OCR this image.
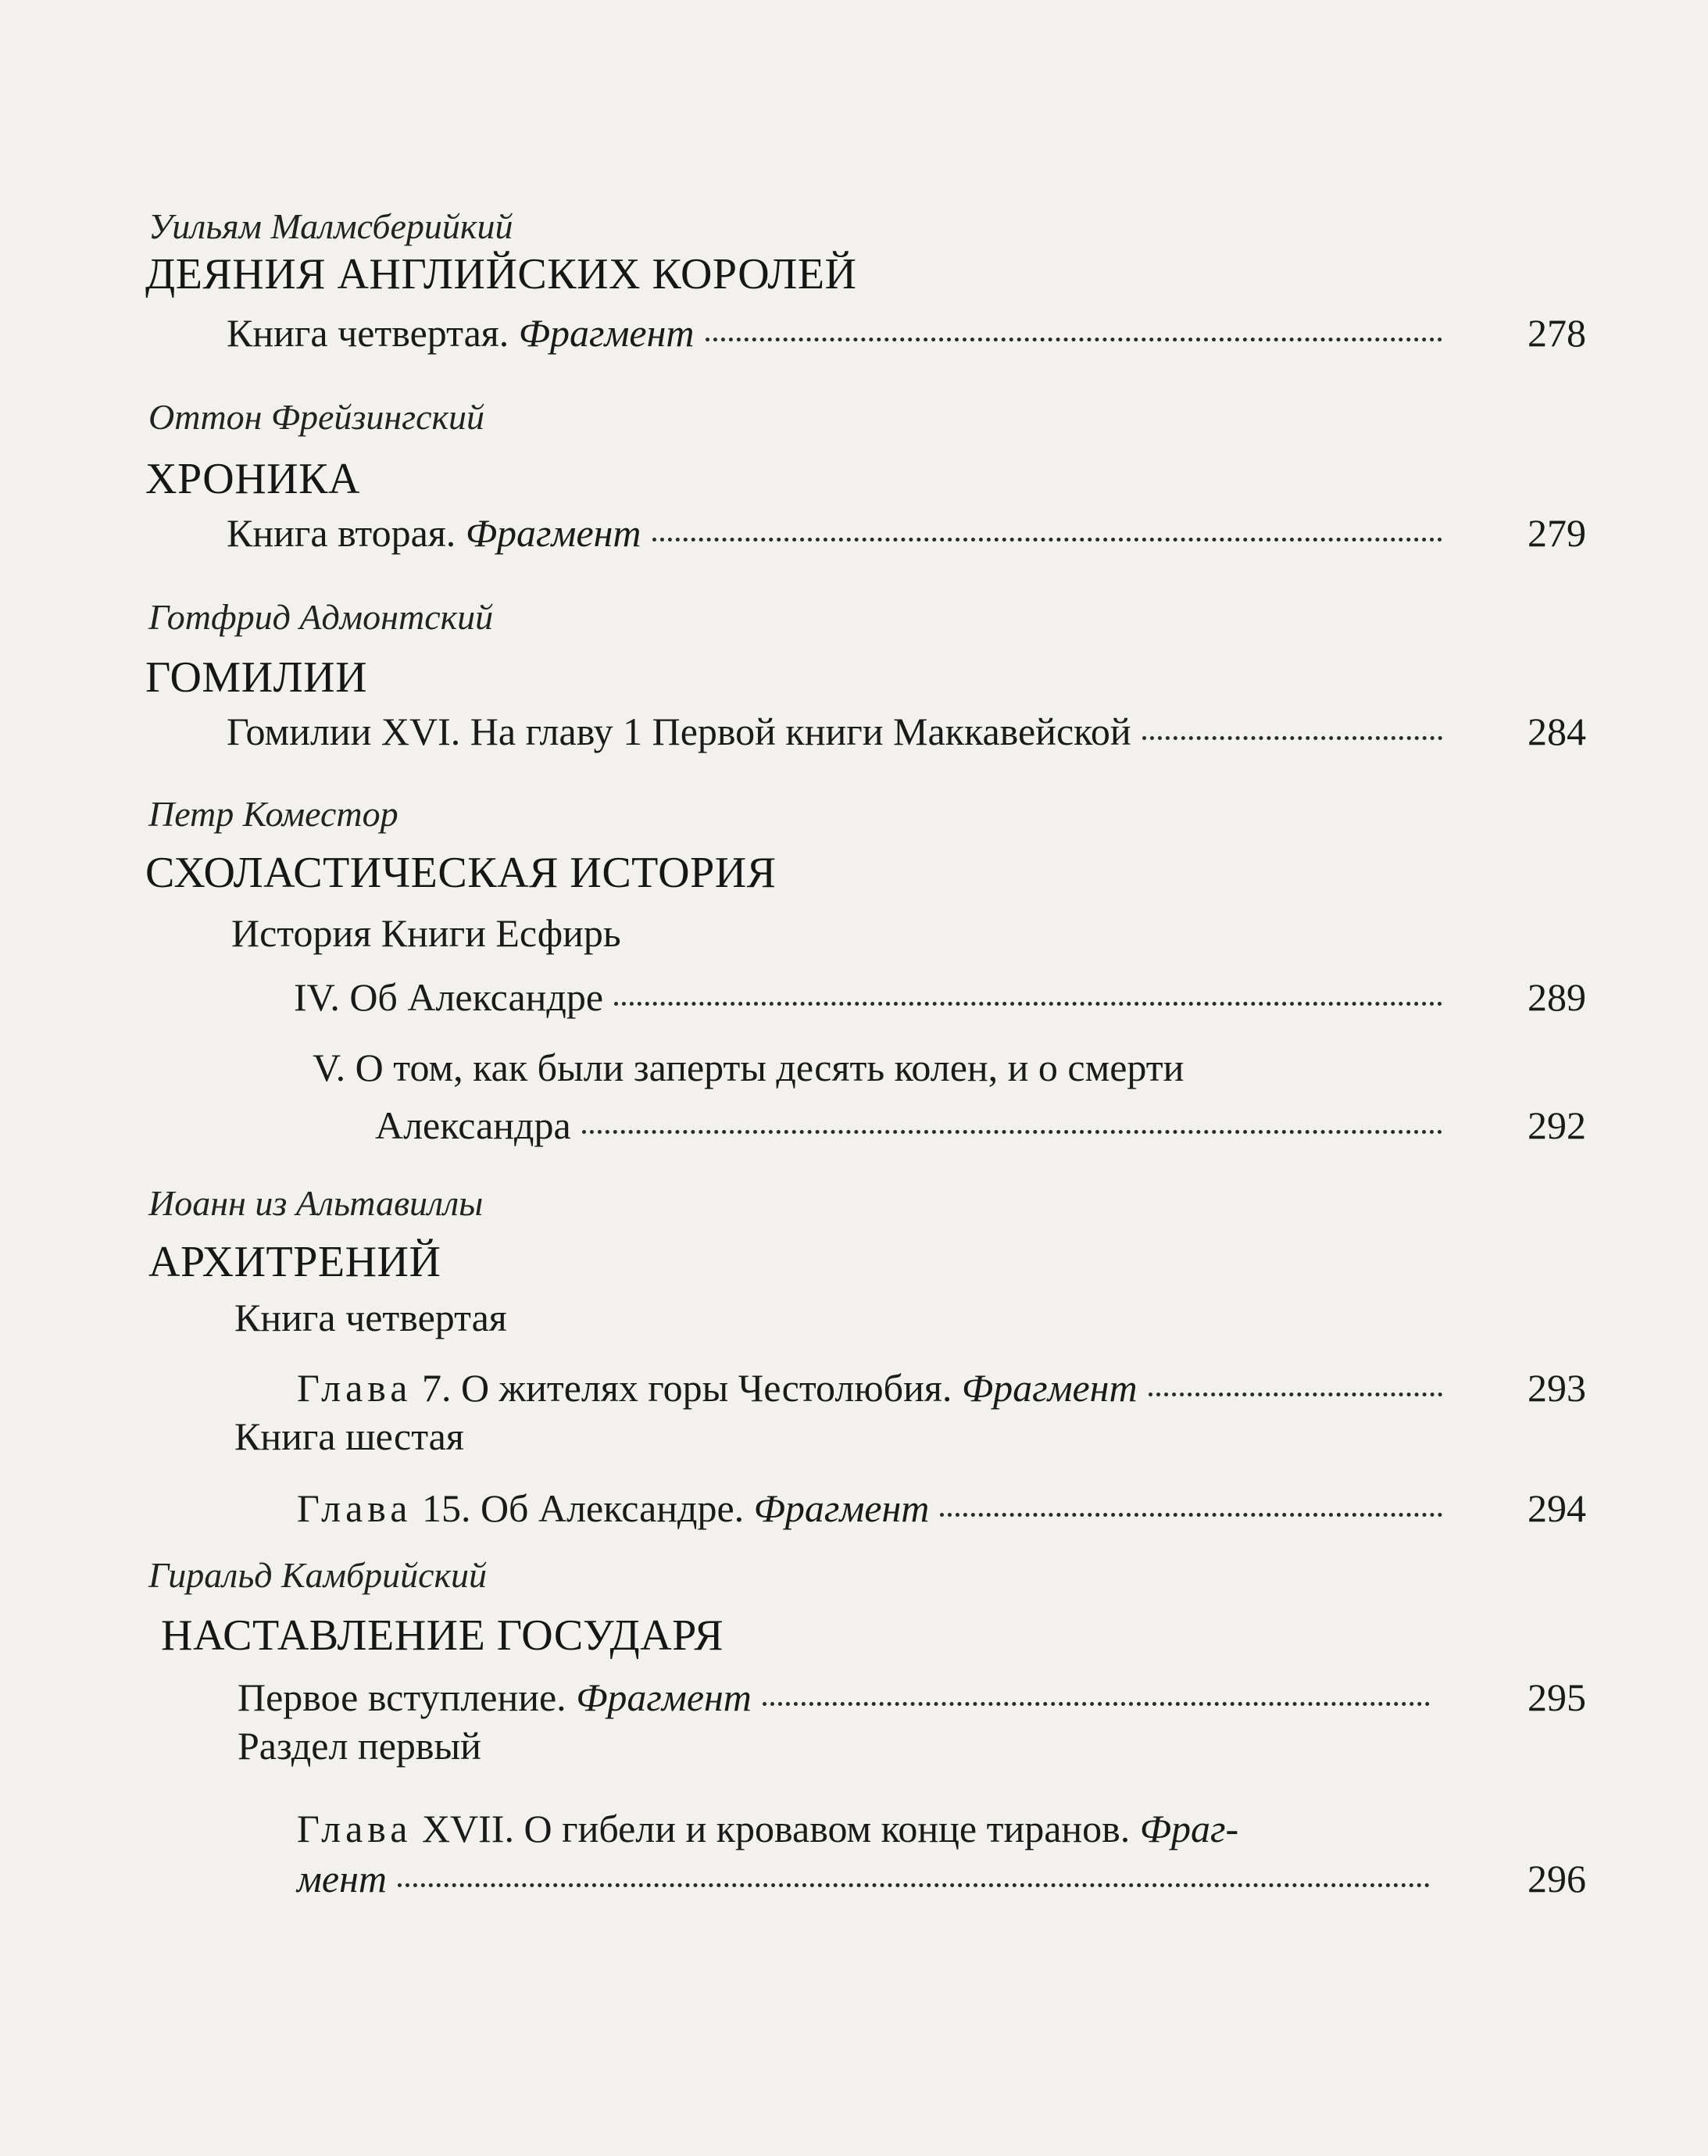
Уильям Малмсберийкий
ДЕЯНИЯ АНГЛИЙСКИХ КОРОЛЕЙ
Книга четвертая. Фрагмент	278
Оттон Фрейзингский
ХРОНИКА
Книга вторая. Фрагмент	279
Готфрид Адмонтский
ГОМИЛИИ
Гомилии XVI. На главу 1 Первой книги Маккавейской	284
Петр Коместор
СХОЛАСТИЧЕСКАЯ ИСТОРИЯ
История Книги Есфирь
IV. Об Александре	289
V. О том, как были заперты десять колен, и о смерти
Александра	292
Иоанн из Альтавиллы
АРХИТРЕНИЙ
Книга четвертая
Глава 7. О жителях горы Честолюбия. Фрагмент	293
Книга шестая
Глава 15. Об Александре. Фрагмент	294
Гиральд Камбрийский
НАСТАВЛЕНИЕ ГОСУДАРЯ
Первое вступление. Фрагмент	295
Раздел первый
Глава XVII. О гибели и кровавом конце тиранов. Фраг-
мент	296
